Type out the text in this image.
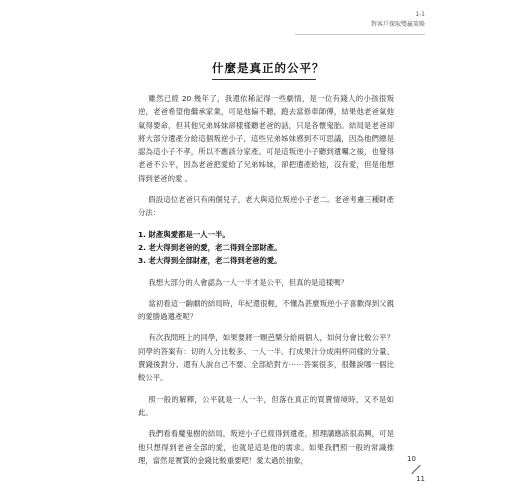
1-1
對客戶探取雙贏策略
什麼是真正的公平？

雖然已經 20 幾年了，我還依稀記得一些劇情，是一位有錢人的小孩很叛逆，老爸希望他繼承家業，可是他偏不聽，跑去當修車師傅，結果他老爸氣他氣得要命，但其他兄弟姊妹卻樣樣聽老爸的話，只是各懷鬼胎。結局是老爸卻將大部分遺產分給這個叛逆小子，這些兄弟姊妹感到不可思議，因為他們總是認為這小子不孝，所以不應該分家產。可是這叛逆小子聽到遺囑之後，也覺得老爸不公平，因為老爸把愛給了兄弟姊妹，卻把遺產給他，沒有愛，但是他想得到老爸的愛 。

假設這位老爸只有兩個兒子，老大與這位叛逆小子老二。老爸考慮三種財產分法：

1. 財產與愛都是一人一半。
2. 老大得到老爸的愛，老二得到全部財產。
3. 老大得到全部財產，老二得到老爸的愛。

我想大部分的人會認為一人一半才是公平，但真的是這樣嗎？

當初看這一齣劇的結局時，年紀還很輕，不懂為甚麼叛逆小子喜歡得到父親的愛勝過遺產呢？

有次我問班上的同學，如果要將一顆芭樂分給兩個人，如何分會比較公平？同學的答案有：切的人分比較多、一人一半、打成果汁分成兩杯同樣的分量、賣錢後對分、還有人說自己不要、全部給對方⋯⋯答案很多，很難說哪一個比較公平。

照一般的解釋，公平就是一人一半，但落在真正的買賣情境時，又不是如此。

我們看看魔鬼樹的結局，叛逆小子已經得到遺產，照理講應該很高興，可是他只想得到老爸全部的愛，也就是這是他的需求。如果我們照一般的常識推理，當然是實質的金錢比較重要吧！愛太過於抽象，	10
11
